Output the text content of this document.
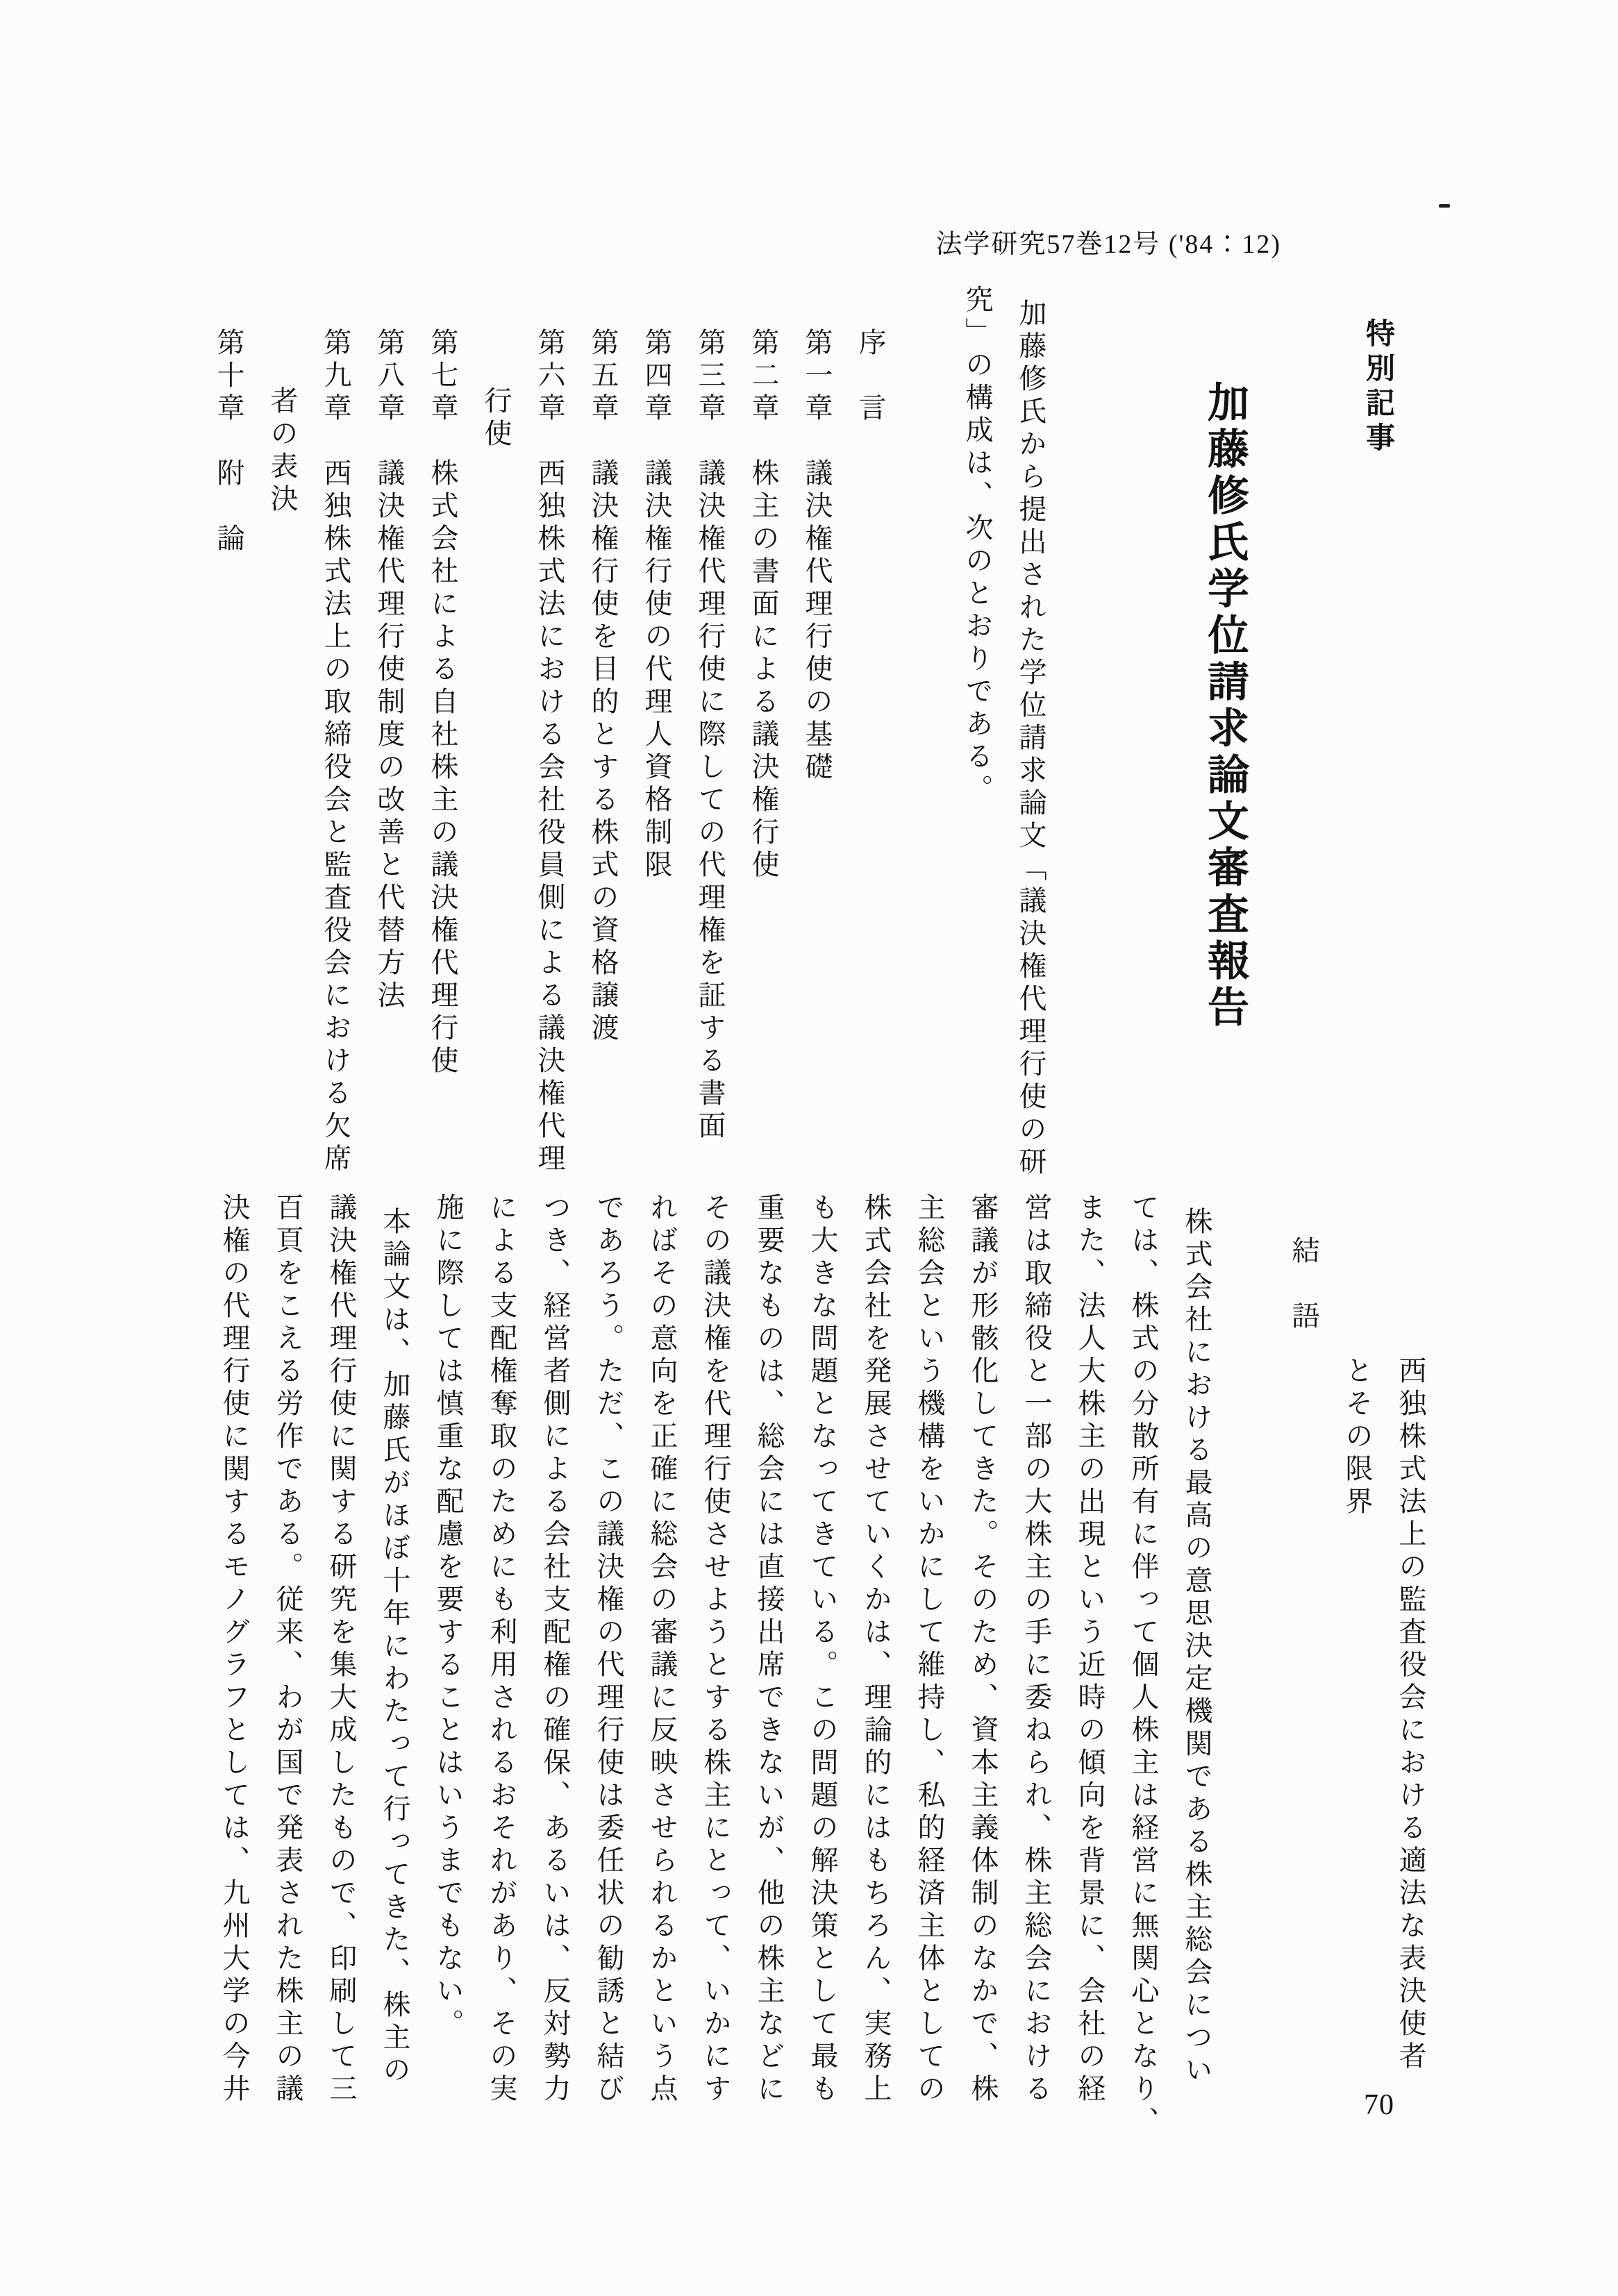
法学研究57巻12号 ('84：12)
特別記事
加藤修氏学位請求論文審査報告
加藤修氏から提出された学位請求論文「議決権代理行使の研
究」の構成は、次のとおりである。
序　言
第一章　議決権代理行使の基礎
第二章　株主の書面による議決権行使
第三章　議決権代理行使に際しての代理権を証する書面
第四章　議決権行使の代理人資格制限
第五章　議決権行使を目的とする株式の資格譲渡
第六章　西独株式法における会社役員側による議決権代理
行使
第七章　株式会社による自社株主の議決権代理行使
第八章　議決権代理行使制度の改善と代替方法
第九章　西独株式法上の取締役会と監査役会における欠席
者の表決
第十章　附　論
西独株式法上の監査役会における適法な表決使者
とその限界
結　語
株式会社における最高の意思決定機関である株主総会につい
ては、株式の分散所有に伴って個人株主は経営に無関心となり、
また、法人大株主の出現という近時の傾向を背景に、会社の経
営は取締役と一部の大株主の手に委ねられ、株主総会における
審議が形骸化してきた。そのため、資本主義体制のなかで、株
主総会という機構をいかにして維持し、私的経済主体としての
株式会社を発展させていくかは、理論的にはもちろん、実務上
も大きな問題となってきている。この問題の解決策として最も
重要なものは、総会には直接出席できないが、他の株主などに
その議決権を代理行使させようとする株主にとって、いかにす
ればその意向を正確に総会の審議に反映させられるかという点
であろう。ただ、この議決権の代理行使は委任状の勧誘と結び
つき、経営者側による会社支配権の確保、あるいは、反対勢力
による支配権奪取のためにも利用されるおそれがあり、その実
施に際しては慎重な配慮を要することはいうまでもない。
本論文は、加藤氏がほぼ十年にわたって行ってきた、株主の
議決権代理行使に関する研究を集大成したもので、印刷して三
百頁をこえる労作である。従来、わが国で発表された株主の議
決権の代理行使に関するモノグラフとしては、九州大学の今井	70
